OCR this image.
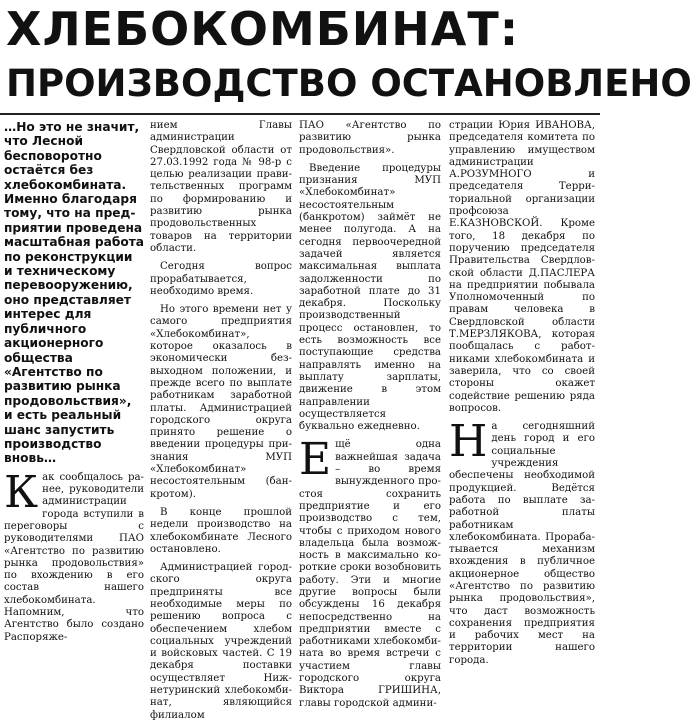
ХЛЕБОКОМБИНАТ:
ПРОИЗВОДСТВО ОСТАНОВЛЕНО
…Но это не значит, что Лесной бесповоротно остаётся без хлебокомбината. Именно благодаря тому, что на предприятии проведена масштабная работа по реконструкции и техническому перевооружению, оно представляет интерес для публичного акционерного общества «Агентство по развитию рынка продовольствия», и есть реальный шанс запустить производство вновь…

Как сообщалось ранее, руководители администрации города вступили в переговоры с руководителями ПАО «Агентство по развитию рынка продовольствия» по вхождению в его состав нашего хлебокомбината. Напомним, что Агентство было создано Распоряже-

нием Главы администрации Свердловской области от 27.03.1992 года № 98-р с целью реализации правительственных программ по формированию и развитию рынка продовольственных товаров на территории области.

Сегодня вопрос прорабатывается, необходимо время.

Но этого времени нет у самого предприятия «Хлебокомбинат», которое оказалось в экономически безвыходном положении, и прежде всего по выплате работникам заработной платы. Администрацией городского округа принято решение о введении процедуры признания МУП «Хлебокомбинат» несостоятельным (банкротом).

В конце прошлой недели производство на хлебокомбинате Лесного остановлено.

Администрацией городского округа предприняты все необходимые меры по решению вопроса с обеспечением хлебом социальных учреждений и войсковых частей. С 19 декабря поставки осуществляет Нижнетуринский хлебокомбинат, являющийся филиалом

ПАО «Агентство по развитию рынка продовольствия».

Введение процедуры признания МУП «Хлебокомбинат» несостоятельным (банкротом) займёт не менее полугода. А на сегодня первоочередной задачей является максимальная выплата задолженности по заработной плате до 31 декабря. Поскольку производственный процесс остановлен, то есть возможность все поступающие средства направлять именно на выплату зарплаты, движение в этом направлении осуществляется буквально ежедневно.

Ещё одна важнейшая задача – во время вынужденного простоя сохранить предприятие и его производство с тем, чтобы с приходом нового владельца была возможность в максимально короткие сроки возобновить работу. Эти и многие другие вопросы были обсуждены 16 декабря непосредственно на предприятии вместе с работниками хлебокомбината во время встречи с участием главы городского округа Виктора ГРИШИНА, главы городской админи-

страции Юрия ИВАНОВА, председателя комитета по управлению имуществом администрации А.РОЗУМНОГО и председателя Территориальной организации профсоюза Е.КАЗНОВСКОЙ. Кроме того, 18 декабря по поручению председателя Правительства Свердловской области Д.ПАСЛЕРА на предприятии побывала Уполномоченный по правам человека в Свердловской области Т.МЕРЗЛЯКОВА, которая пообщалась с работниками хлебокомбината и заверила, что со своей стороны окажет содействие решению ряда вопросов.

На сегодняшний день город и его социальные учреждения обеспечены необходимой продукцией. Ведётся работа по выплате заработной платы работникам хлебокомбината. Прорабатывается механизм вхождения в публичное акционерное общество «Агентство по развитию рынка продовольствия», что даст возможность сохранения предприятия и рабочих мест на территории нашего города.
